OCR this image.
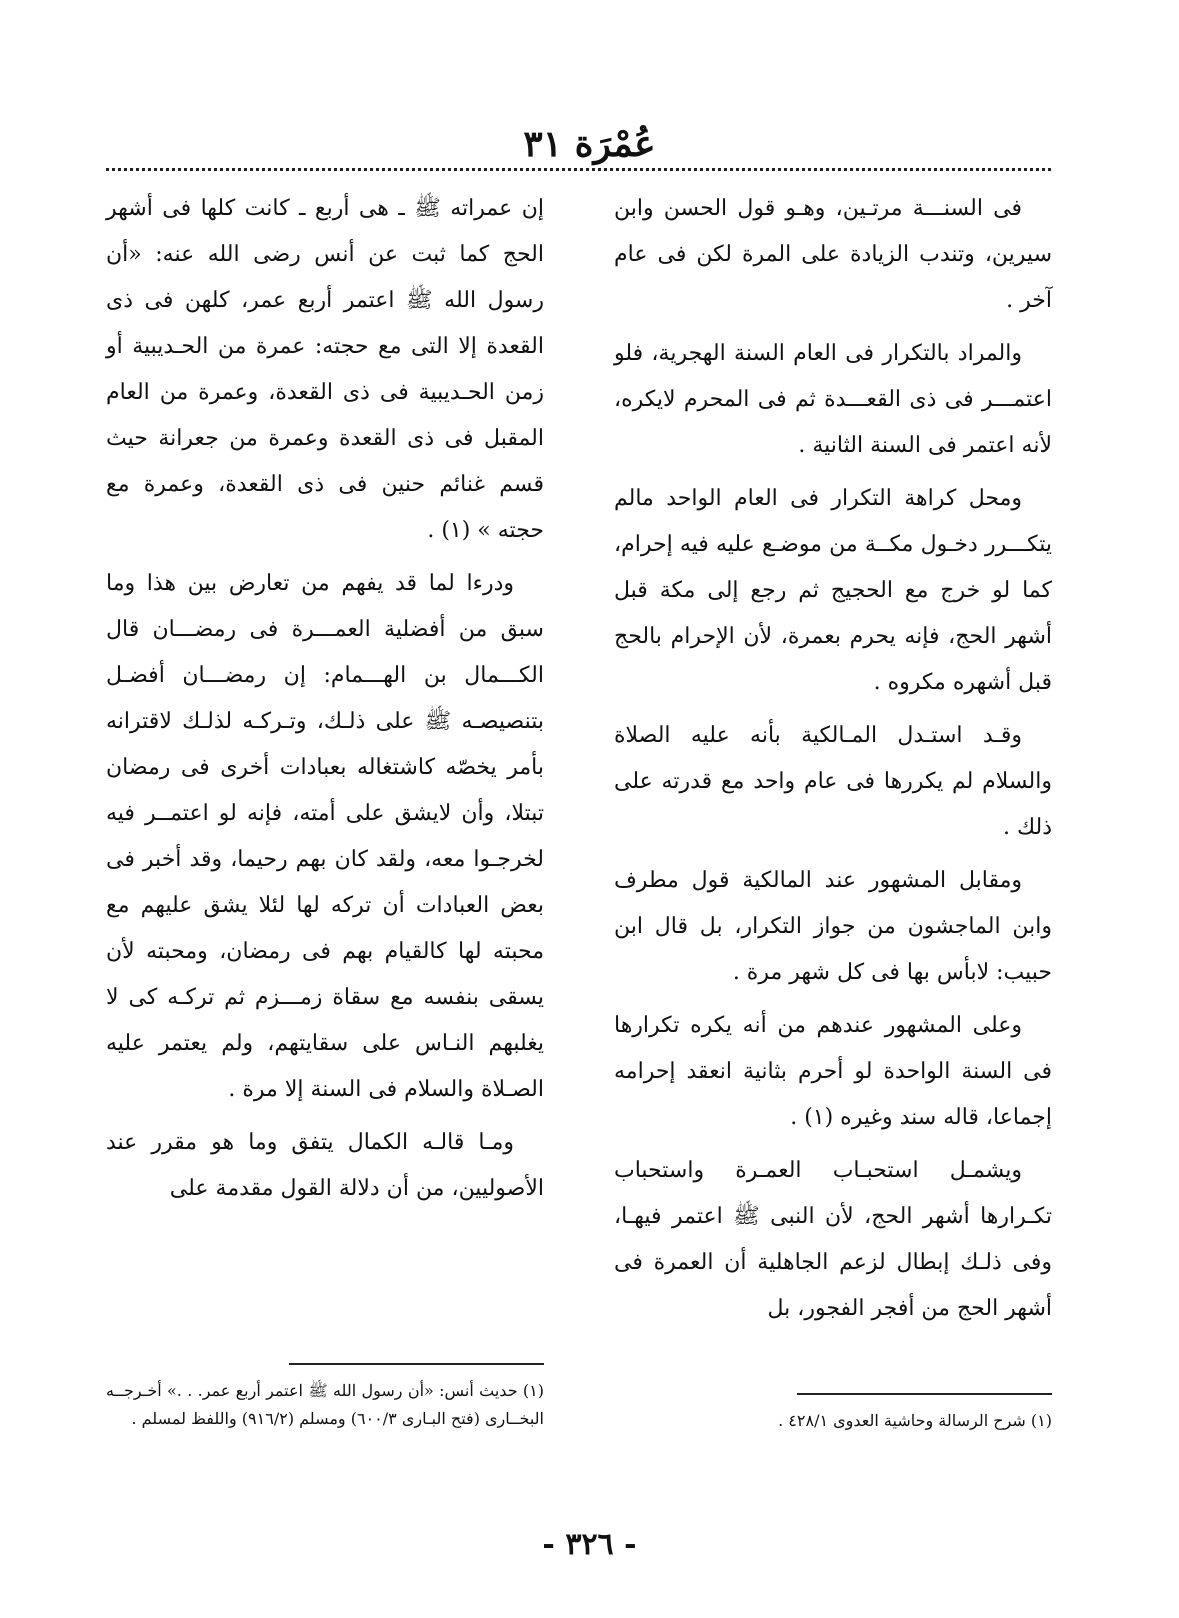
عُمْرَة ٣١

فى السنـــة مرتـين، وهـو قول الحسن وابن سيرين، وتندب الزيادة على المرة لكن فى عام آخر .

والمراد بالتكرار فى العام السنة الهجرية، فلو اعتمـــر فى ذى القعـــدة ثم فى المحرم لايكره، لأنه اعتمر فى السنة الثانية .

ومحل كراهة التكرار فى العام الواحد مالم يتكـــرر دخـول مكــة من موضـع عليه فيه إحرام، كما لو خرج مع الحجيج ثم رجع إلى مكة قبل أشهر الحج، فإنه يحرم بعمرة، لأن الإحرام بالحج قبل أشهره مكروه .

وقـد استـدل المـالكية بأنه عليه الصلاة والسلام لم يكررها فى عام واحد مع قدرته على ذلك .

ومقابل المشهور عند المالكية قول مطرف وابن الماجشون من جواز التكرار، بل قال ابن حبيب: لابأس بها فى كل شهر مرة .

وعلى المشهور عندهم من أنه يكره تكرارها فى السنة الواحدة لو أحرم بثانية انعقد إحرامه إجماعا، قاله سند وغيره (١) .

ويشمـل استحبـاب العمـرة واستحباب تكـرارها أشهر الحج، لأن النبى ﷺ اعتمر فيهـا، وفى ذلـك إبطال لزعم الجاهلية أن العمرة فى أشهر الحج من أفجر الفجور، بل

إن عمراته ﷺ ـ هى أربع ـ كانت كلها فى أشهر الحج كما ثبت عن أنس رضى الله عنه: «أن رسول الله ﷺ اعتمر أربع عمر، كلهن فى ذى القعدة إلا التى مع حجته: عمرة من الحـديبية أو زمن الحـديبية فى ذى القعدة، وعمرة من العام المقبل فى ذى القعدة وعمرة من جعرانة حيث قسم غنائم حنين فى ذى القعدة، وعمرة مع حجته » (١) .

ودرءا لما قد يفهم من تعارض بين هذا وما سبق من أفضلية العمـــرة فى رمضـــان قال الكـــمال بن الهـــمام: إن رمضـــان أفضـل بتنصيصـه ﷺ على ذلـك، وتـركـه لذلـك لاقترانه بأمر يخصّه كاشتغاله بعبادات أخرى فى رمضان تبتلا، وأن لايشق على أمته، فإنه لو اعتمــر فيه لخرجـوا معه، ولقد كان بهم رحيما، وقد أخبر فى بعض العبادات أن تركه لها لئلا يشق عليهم مع محبته لها كالقيام بهم فى رمضان، ومحبته لأن يسقى بنفسه مع سقاة زمـــزم ثم تركـه كى لا يغلبهم النـاس على سقايتهم، ولم يعتمر عليه الصـلاة والسلام فى السنة إلا مرة .

ومـا قالـه الكمال يتفق وما هو مقرر عند الأصوليين، من أن دلالة القول مقدمة على

(١) شرح الرسالة وحاشية العدوى ٤٢٨/١ .

(١) حديث أنس: «أن رسول الله ﷺ اعتمر أربع عمر. . .» أخـرجــه البخــارى (فتح البـارى ٦٠٠/٣) ومسلم (٩١٦/٢) واللفظ لمسلم .

- ٣٢٦ -
